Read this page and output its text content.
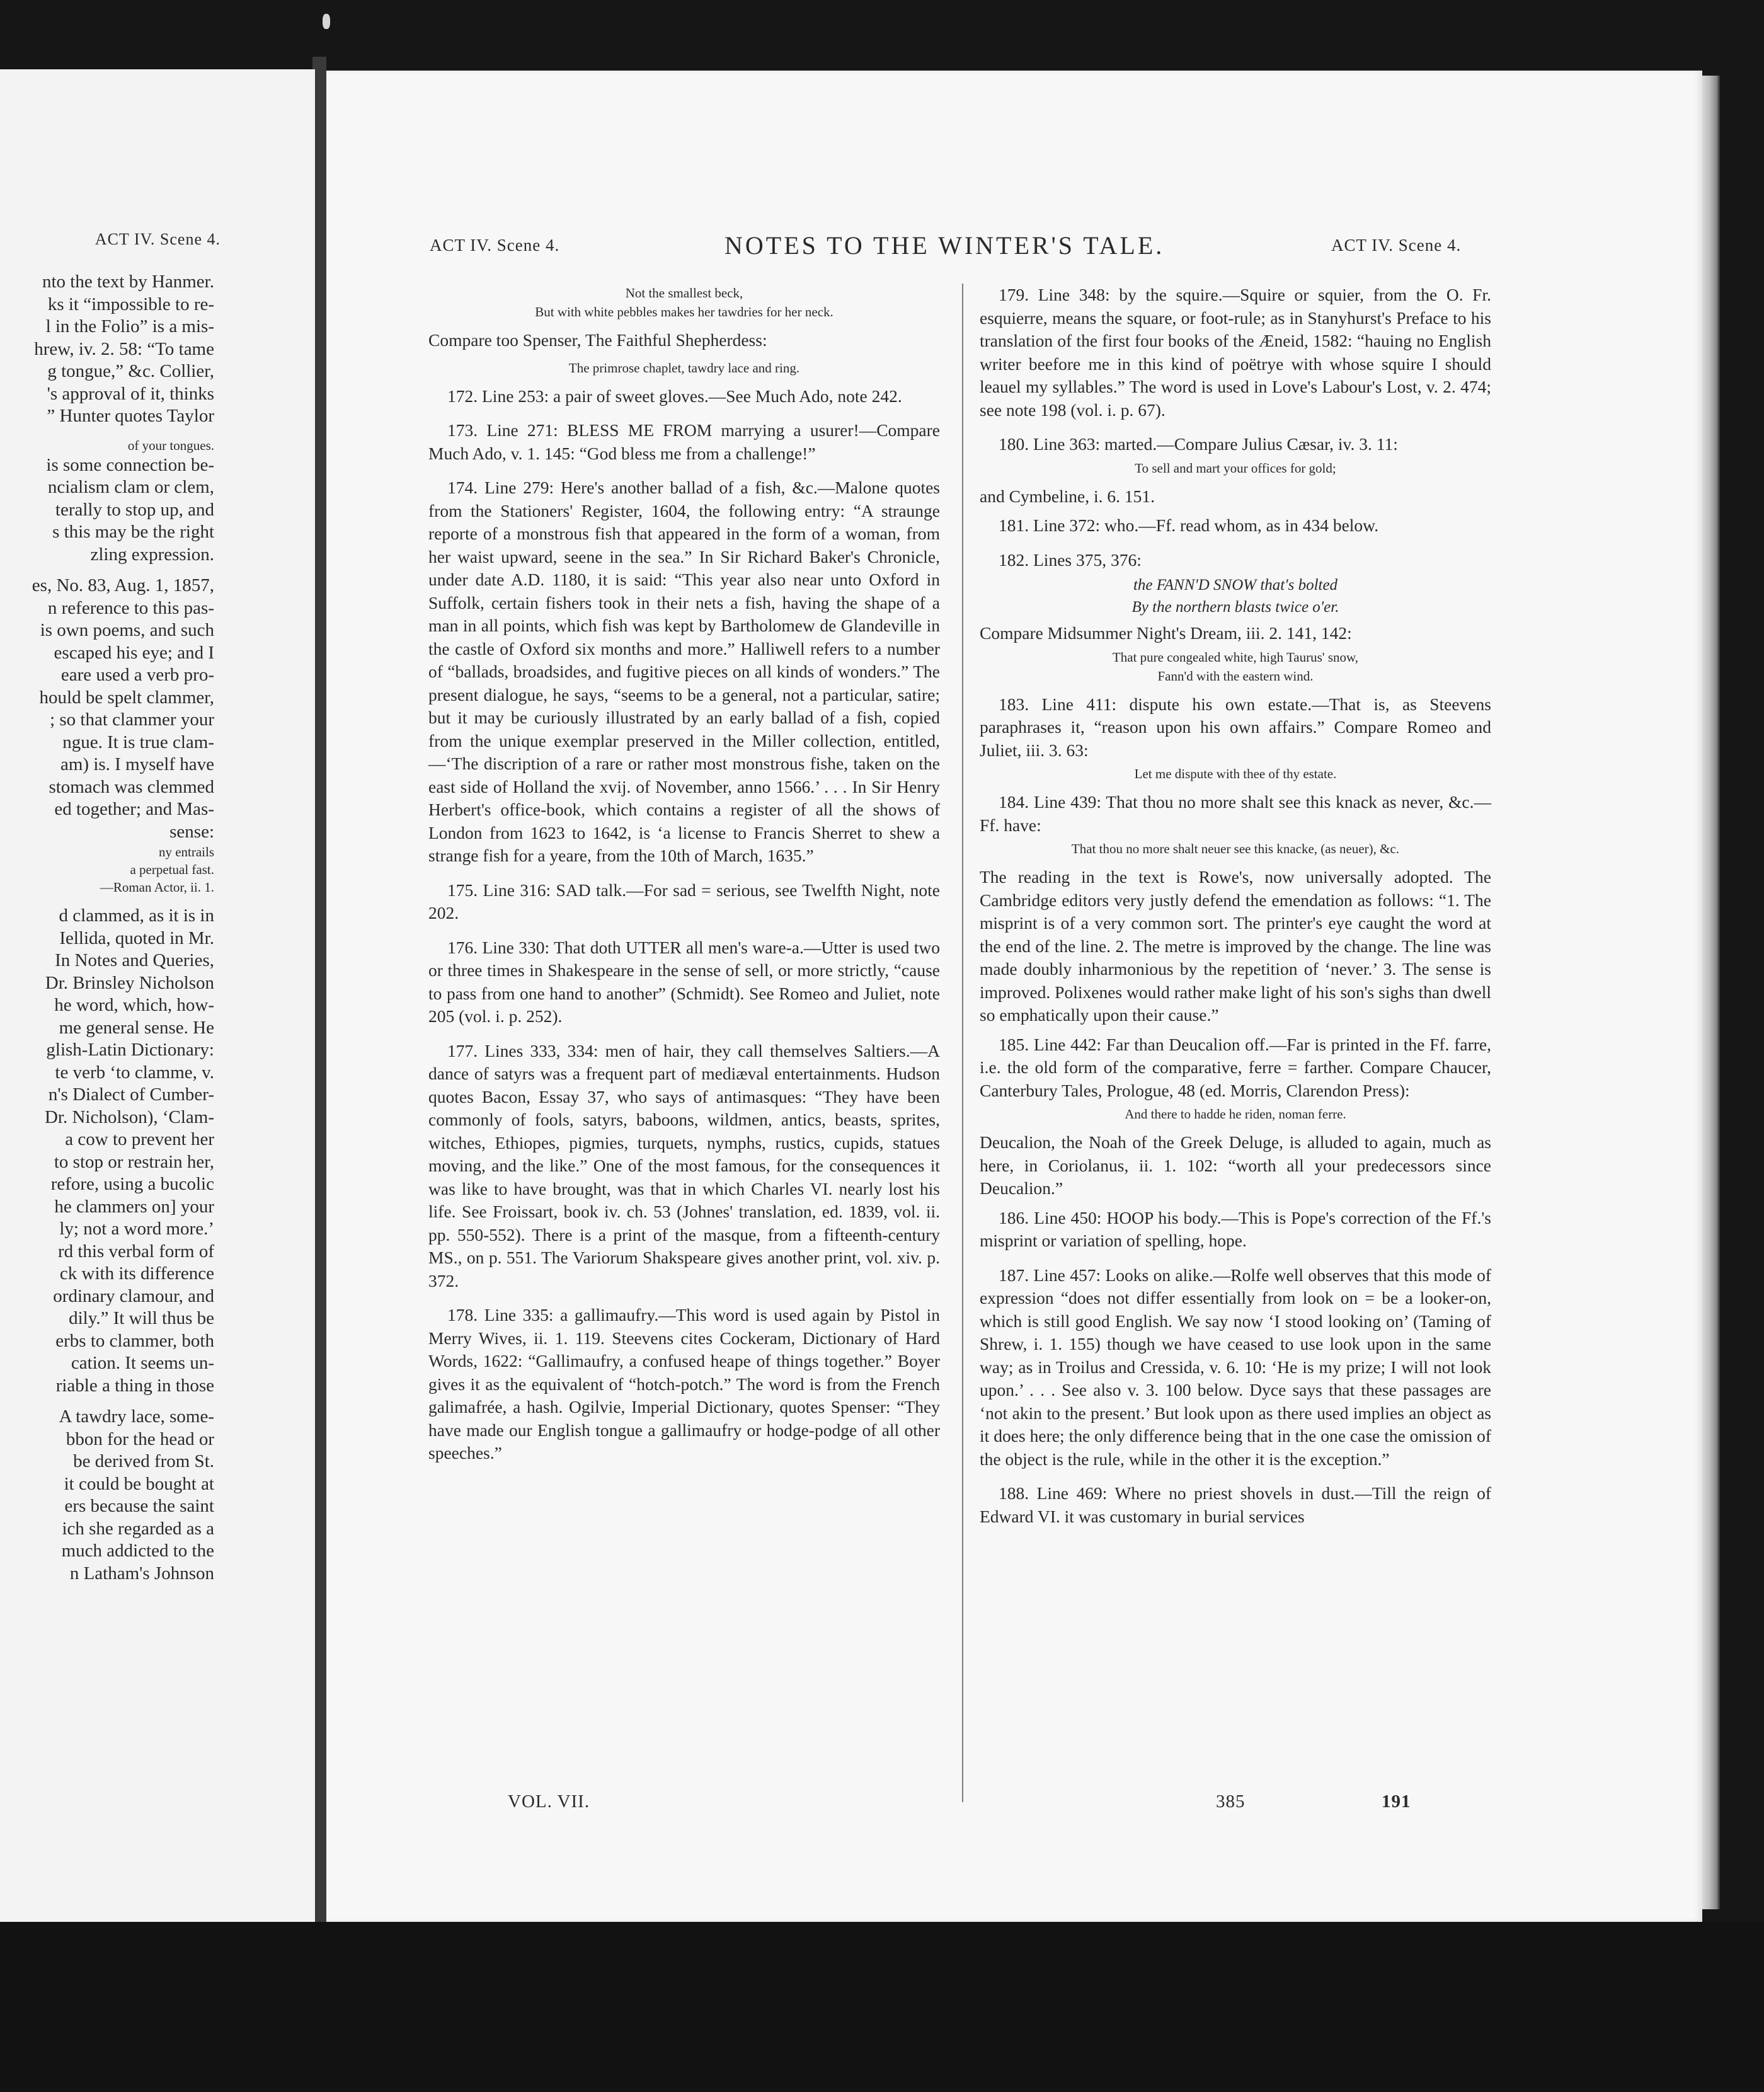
ACT IV. Scene 4.
nto the text by Hanmer.
ks it “impossible to re-
l in the Folio” is a mis-
hrew, iv. 2. 58: “To tame
g tongue,” &c. Collier,
's approval of it, thinks
” Hunter quotes Taylor
of your tongues.
is some connection be-
ncialism clam or clem,
terally to stop up, and
s this may be the right
zling expression.
es, No. 83, Aug. 1, 1857,
n reference to this pas-
is own poems, and such
escaped his eye; and I
eare used a verb pro-
hould be spelt clammer,
; so that clammer your
ngue. It is true clam-
am) is. I myself have
stomach was clemmed
ed together; and Mas-
sense:
ny entrails
a perpetual fast.
—Roman Actor, ii. 1.
d clammed, as it is in
Iellida, quoted in Mr.
In Notes and Queries,
Dr. Brinsley Nicholson
he word, which, how-
me general sense. He
glish-Latin Dictionary:
te verb ‘to clamme, v.
n's Dialect of Cumber-
Dr. Nicholson), ‘Clam-
a cow to prevent her
to stop or restrain her,
refore, using a bucolic
he clammers on] your
ly; not a word more.’
rd this verbal form of
ck with its difference
ordinary clamour, and
dily.” It will thus be
erbs to clammer, both
cation. It seems un-
riable a thing in those
A tawdry lace, some-
bbon for the head or
be derived from St.
it could be bought at
ers because the saint
ich she regarded as a
much addicted to the
n Latham's Johnson
ACT IV. Scene 4.	NOTES TO THE WINTER'S TALE.	ACT IV. Scene 4.
Not the smallest beck,
But with white pebbles makes her tawdries for her neck.

Compare too Spenser, The Faithful Shepherdess:

The primrose chaplet, tawdry lace and ring.

172. Line 253: a pair of sweet gloves.—See Much Ado, note 242.

173. Line 271: BLESS ME FROM marrying a usurer!—Compare Much Ado, v. 1. 145: “God bless me from a challenge!”

174. Line 279: Here's another ballad of a fish, &c.—Malone quotes from the Stationers' Register, 1604, the following entry: “A straunge reporte of a monstrous fish that appeared in the form of a woman, from her waist upward, seene in the sea.” In Sir Richard Baker's Chronicle, under date A.D. 1180, it is said: “This year also near unto Oxford in Suffolk, certain fishers took in their nets a fish, having the shape of a man in all points, which fish was kept by Bartholomew de Glandeville in the castle of Oxford six months and more.” Halliwell refers to a number of “ballads, broadsides, and fugitive pieces on all kinds of wonders.” The present dialogue, he says, “seems to be a general, not a particular, satire; but it may be curiously illustrated by an early ballad of a fish, copied from the unique exemplar preserved in the Miller collection, entitled,—‘The discription of a rare or rather most monstrous fishe, taken on the east side of Holland the xvij. of November, anno 1566.’ . . . In Sir Henry Herbert's office-book, which contains a register of all the shows of London from 1623 to 1642, is ‘a license to Francis Sherret to shew a strange fish for a yeare, from the 10th of March, 1635.”

175. Line 316: SAD talk.—For sad = serious, see Twelfth Night, note 202.

176. Line 330: That doth UTTER all men's ware-a.—Utter is used two or three times in Shakespeare in the sense of sell, or more strictly, “cause to pass from one hand to another” (Schmidt). See Romeo and Juliet, note 205 (vol. i. p. 252).

177. Lines 333, 334: men of hair, they call themselves Saltiers.—A dance of satyrs was a frequent part of mediæval entertainments. Hudson quotes Bacon, Essay 37, who says of antimasques: “They have been commonly of fools, satyrs, baboons, wildmen, antics, beasts, sprites, witches, Ethiopes, pigmies, turquets, nymphs, rustics, cupids, statues moving, and the like.” One of the most famous, for the consequences it was like to have brought, was that in which Charles VI. nearly lost his life. See Froissart, book iv. ch. 53 (Johnes' translation, ed. 1839, vol. ii. pp. 550-552). There is a print of the masque, from a fifteenth-century MS., on p. 551. The Variorum Shakspeare gives another print, vol. xiv. p. 372.

178. Line 335: a gallimaufry.—This word is used again by Pistol in Merry Wives, ii. 1. 119. Steevens cites Cockeram, Dictionary of Hard Words, 1622: “Gallimaufry, a confused heape of things together.” Boyer gives it as the equivalent of “hotch-potch.” The word is from the French galimafrée, a hash. Ogilvie, Imperial Dictionary, quotes Spenser: “They have made our English tongue a gallimaufry or hodge-podge of all other speeches.”

179. Line 348: by the squire.—Squire or squier, from the O. Fr. esquierre, means the square, or foot-rule; as in Stanyhurst's Preface to his translation of the first four books of the Æneid, 1582: “hauing no English writer beefore me in this kind of poëtrye with whose squire I should leauel my syllables.” The word is used in Love's Labour's Lost, v. 2. 474; see note 198 (vol. i. p. 67).

180. Line 363: marted.—Compare Julius Cæsar, iv. 3. 11:

To sell and mart your offices for gold;

and Cymbeline, i. 6. 151.

181. Line 372: who.—Ff. read whom, as in 434 below.

182. Lines 375, 376:

the FANN'D SNOW that's bolted
By the northern blasts twice o'er.

Compare Midsummer Night's Dream, iii. 2. 141, 142:

That pure congealed white, high Taurus' snow,
Fann'd with the eastern wind.

183. Line 411: dispute his own estate.—That is, as Steevens paraphrases it, “reason upon his own affairs.” Compare Romeo and Juliet, iii. 3. 63:

Let me dispute with thee of thy estate.

184. Line 439: That thou no more shalt see this knack as never, &c.—Ff. have:

That thou no more shalt neuer see this knacke, (as neuer), &c.

The reading in the text is Rowe's, now universally adopted. The Cambridge editors very justly defend the emendation as follows: “1. The misprint is of a very common sort. The printer's eye caught the word at the end of the line. 2. The metre is improved by the change. The line was made doubly inharmonious by the repetition of ‘never.’ 3. The sense is improved. Polixenes would rather make light of his son's sighs than dwell so emphatically upon their cause.”

185. Line 442: Far than Deucalion off.—Far is printed in the Ff. farre, i.e. the old form of the comparative, ferre = farther. Compare Chaucer, Canterbury Tales, Prologue, 48 (ed. Morris, Clarendon Press):

And there to hadde he riden, noman ferre.

Deucalion, the Noah of the Greek Deluge, is alluded to again, much as here, in Coriolanus, ii. 1. 102: “worth all your predecessors since Deucalion.”

186. Line 450: HOOP his body.—This is Pope's correction of the Ff.'s misprint or variation of spelling, hope.

187. Line 457: Looks on alike.—Rolfe well observes that this mode of expression “does not differ essentially from look on = be a looker-on, which is still good English. We say now ‘I stood looking on’ (Taming of Shrew, i. 1. 155) though we have ceased to use look upon in the same way; as in Troilus and Cressida, v. 6. 10: ‘He is my prize; I will not look upon.’ . . . See also v. 3. 100 below. Dyce says that these passages are ‘not akin to the present.’ But look upon as there used implies an object as it does here; the only difference being that in the one case the omission of the object is the rule, while in the other it is the exception.”

188. Line 469: Where no priest shovels in dust.—Till the reign of Edward VI. it was customary in burial services

VOL. VII.	385	191
